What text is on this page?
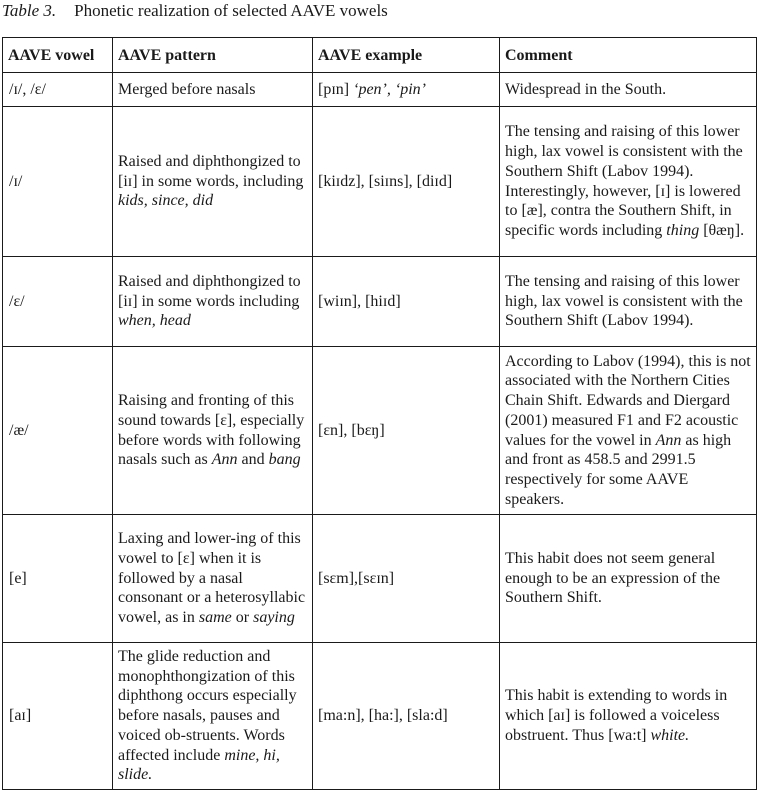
Table 3. Phonetic realization of selected AAVE vowels
AAVE vowel	AAVE pattern	AAVE example	Comment
/ɪ/, /ɛ/	Merged before nasals	[pɪn] ‘pen’, ‘pin’	Widespread in the South.
/ɪ/	Raised and diphthongized to [iɪ] in some words, including kids, since, did	[kiɪdz], [siɪns], [diɪd]	The tensing and raising of this lower high, lax vowel is consistent with the Southern Shift (Labov 1994). Interestingly, however, [ɪ] is lowered to [æ], contra the Southern Shift, in specific words including thing [θæŋ].
/ɛ/	Raised and diphthongized to [iɪ] in some words including when, head	[wiɪn], [hiɪd]	The tensing and raising of this lower high, lax vowel is consistent with the Southern Shift (Labov 1994).
/æ/	Raising and fronting of this sound towards [ɛ], especially before words with following nasals such as Ann and bang	[ɛn], [bɛŋ]	According to Labov (1994), this is not associated with the Northern Cities Chain Shift. Edwards and Diergard (2001) measured F1 and F2 acoustic values for the vowel in Ann as high and front as 458.5 and 2991.5 respectively for some AAVE speakers.
[e]	Laxing and lower-ing of this vowel to [ɛ] when it is followed by a nasal consonant or a heterosyllabic vowel, as in same or saying	[sɛm],[sɛɪn]	This habit does not seem general enough to be an expression of the Southern Shift.
[aɪ]	The glide reduction and monophthongization of this diphthong occurs especially before nasals, pauses and voiced ob-struents. Words affected include mine, hi, slide.	[ma:n], [ha:], [sla:d]	This habit is extending to words in which [aɪ] is followed a voiceless obstruent. Thus [wa:t] white.
